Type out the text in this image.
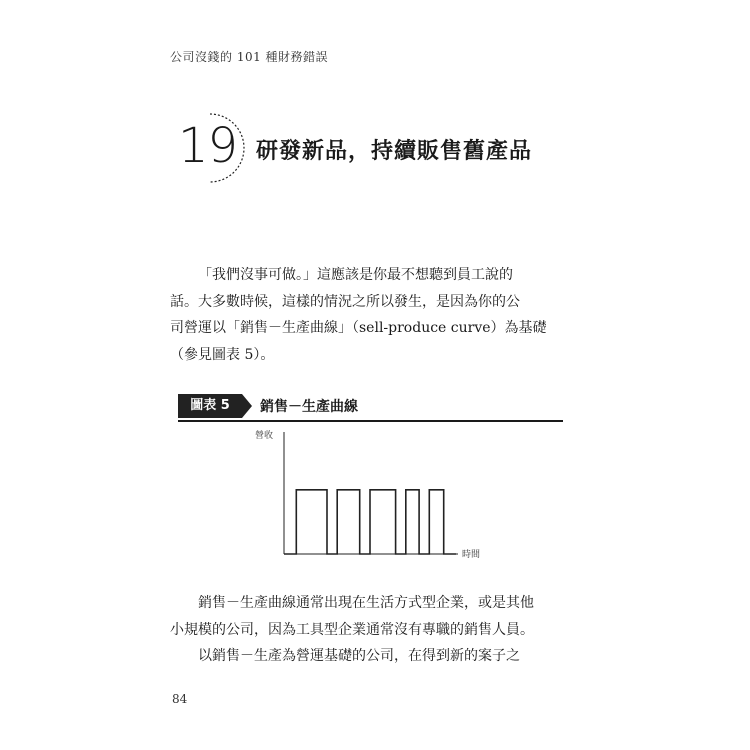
公司沒錢的 101 種財務錯誤
19 研發新品，持續販售舊產品
「我們沒事可做。」這應該是你最不想聽到員工說的
話。大多數時候，這樣的情況之所以發生，是因為你的公
司營運以「銷售－生產曲線」（sell-produce curve）為基礎
（參見圖表 5）。
圖表 5	銷售－生產曲線
營收
時間
銷售－生產曲線通常出現在生活方式型企業，或是其他
小規模的公司，因為工具型企業通常沒有專職的銷售人員。
以銷售－生產為營運基礎的公司，在得到新的案子之
84
